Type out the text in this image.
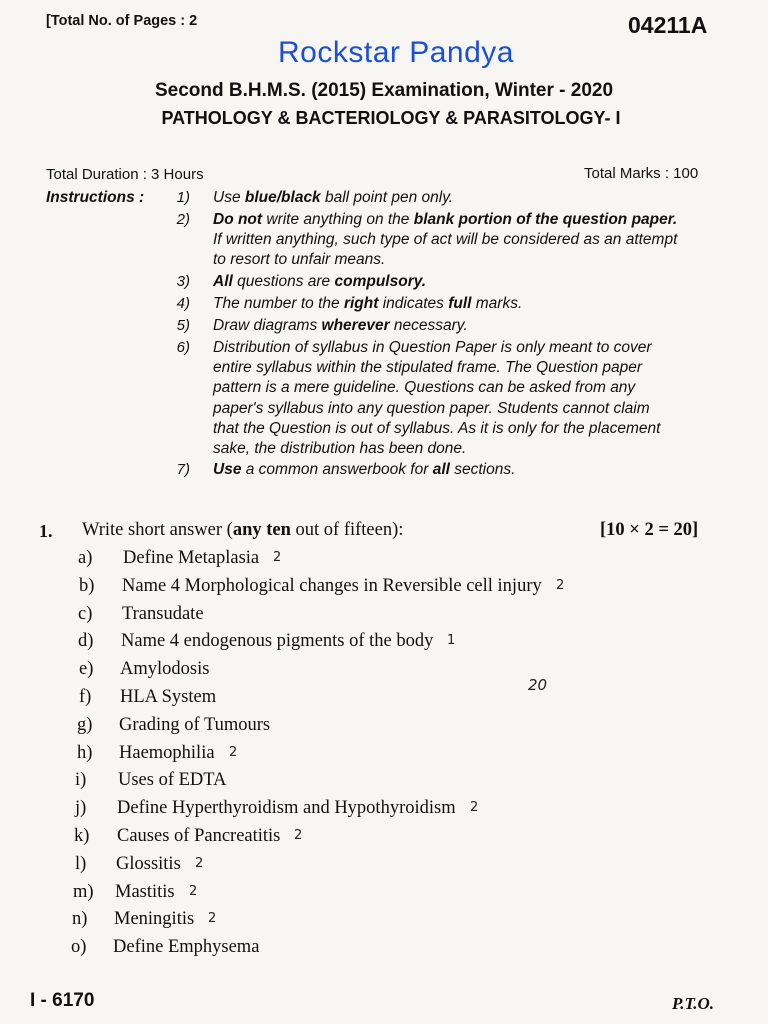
[Total No. of Pages : 2	04211A
Rockstar Pandya
Second B.H.M.S. (2015) Examination, Winter - 2020
PATHOLOGY & BACTERIOLOGY & PARASITOLOGY- I
Total Duration : 3 Hours	Total Marks : 100
Instructions :	1) Use blue/black ball point pen only.
2) Do not write anything on the blank portion of the question paper.
If written anything, such type of act will be considered as an attempt
to resort to unfair means.
3) All questions are compulsory.
4) The number to the right indicates full marks.
5) Draw diagrams wherever necessary.
6) Distribution of syllabus in Question Paper is only meant to cover
entire syllabus within the stipulated frame. The Question paper
pattern is a mere guideline. Questions can be asked from any
paper's syllabus into any question paper. Students cannot claim
that the Question is out of syllabus. As it is only for the placement
sake, the distribution has been done.
7) Use a common answerbook for all sections.
1. Write short answer (any ten out of fifteen):	[10 × 2 = 20]
a) Define Metaplasia 2
b) Name 4 Morphological changes in Reversible cell injury 2
c) Transudate
d) Name 4 endogenous pigments of the body 1
e) Amylodosis
f) HLA System
g) Grading of Tumours
h) Haemophilia 2
i) Uses of EDTA
j) Define Hyperthyroidism and Hypothyroidism 2
k) Causes of Pancreatitis 2
l) Glossitis 2
m) Mastitis 2
n) Meningitis 2
o) Define Emphysema
20
І - 6170	P.T.O.
